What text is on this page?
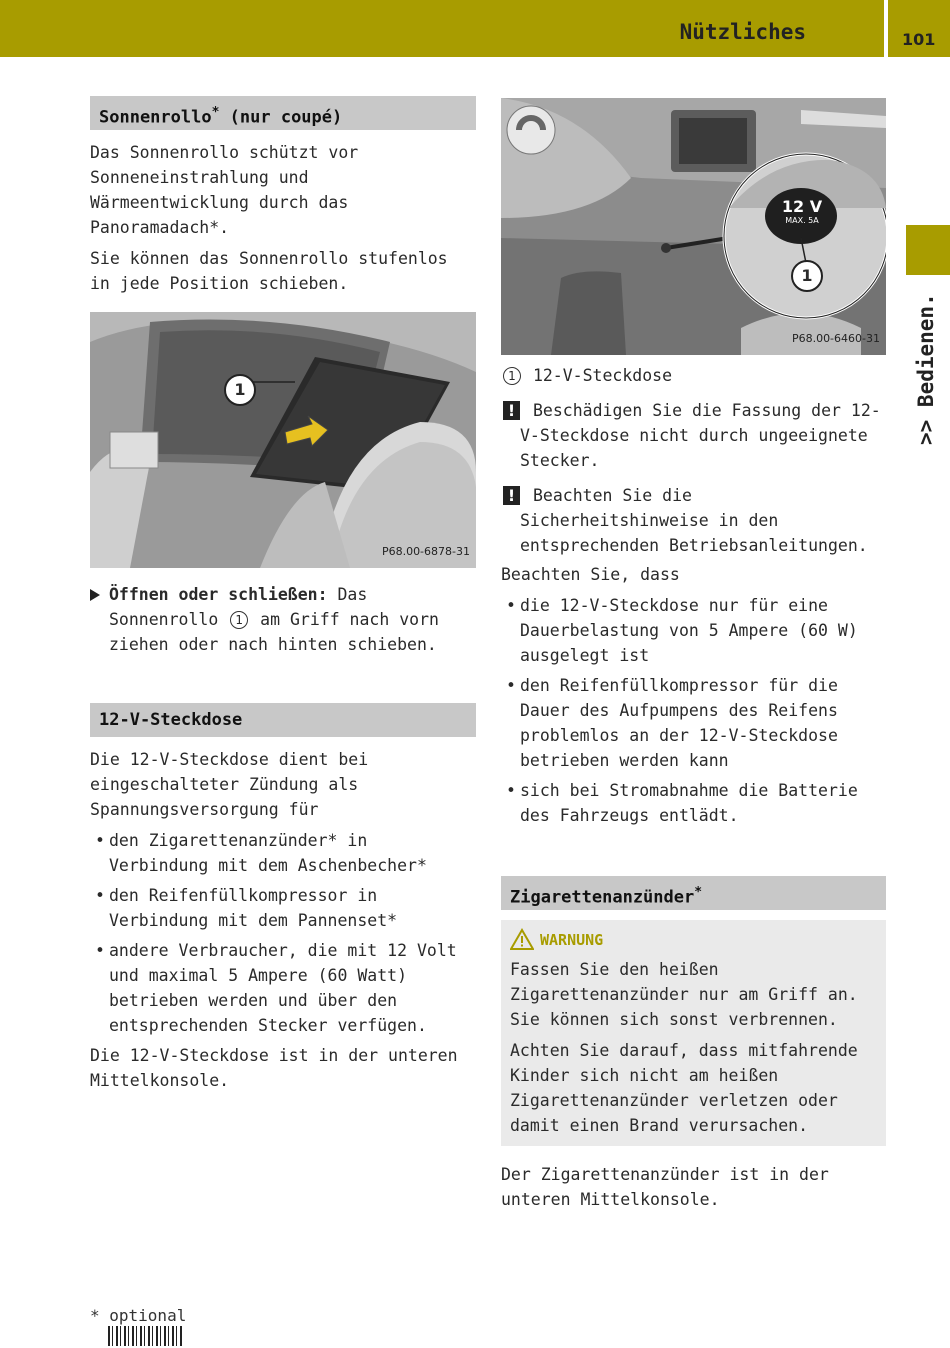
Nützliches	101
>> Bedienen.
Sonnenrollo* (nur coupé)

Das Sonnenrollo schützt vor Sonneneinstrahlung und Wärmeentwicklung durch das Panoramadach*.

Sie können das Sonnenrollo stufenlos in jede Position schieben.

1
P68.00-6878-31
Öffnen oder schließen: Das Sonnenrollo 1 am Griff nach vorn ziehen oder nach hinten schieben.
12-V-Steckdose

Die 12-V-Steckdose dient bei eingeschalteter Zündung als Spannungsversorgung für

• den Zigarettenanzünder* in Verbindung mit dem Aschenbecher*
• den Reifenfüllkompressor in Verbindung mit dem Pannenset*
• andere Verbraucher, die mit 12 Volt und maximal 5 Ampere (60 Watt) betrieben werden und über den entsprechenden Stecker verfügen.

Die 12-V-Steckdose ist in der unteren Mittelkonsole.

12 V
MAX. 5A
1
P68.00-6460-31

1 12-V-Steckdose

! Beschädigen Sie die Fassung der 12-V-Steckdose nicht durch ungeeignete Stecker.
! Beachten Sie die Sicherheitshinweise in den entsprechenden Betriebsanleitungen.

Beachten Sie, dass

• die 12-V-Steckdose nur für eine Dauerbelastung von 5 Ampere (60 W) ausgelegt ist
• den Reifenfüllkompressor für die Dauer des Aufpumpens des Reifens problemlos an der 12-V-Steckdose betrieben werden kann
• sich bei Stromabnahme die Batterie des Fahrzeugs entlädt.
Zigarettenanzünder*
WARNUNG

Fassen Sie den heißen Zigarettenanzünder nur am Griff an. Sie können sich sonst verbrennen.

Achten Sie darauf, dass mitfahrende Kinder sich nicht am heißen Zigarettenanzünder verletzen oder damit einen Brand verursachen.

Der Zigarettenanzünder ist in der unteren Mittelkonsole.

* optional
